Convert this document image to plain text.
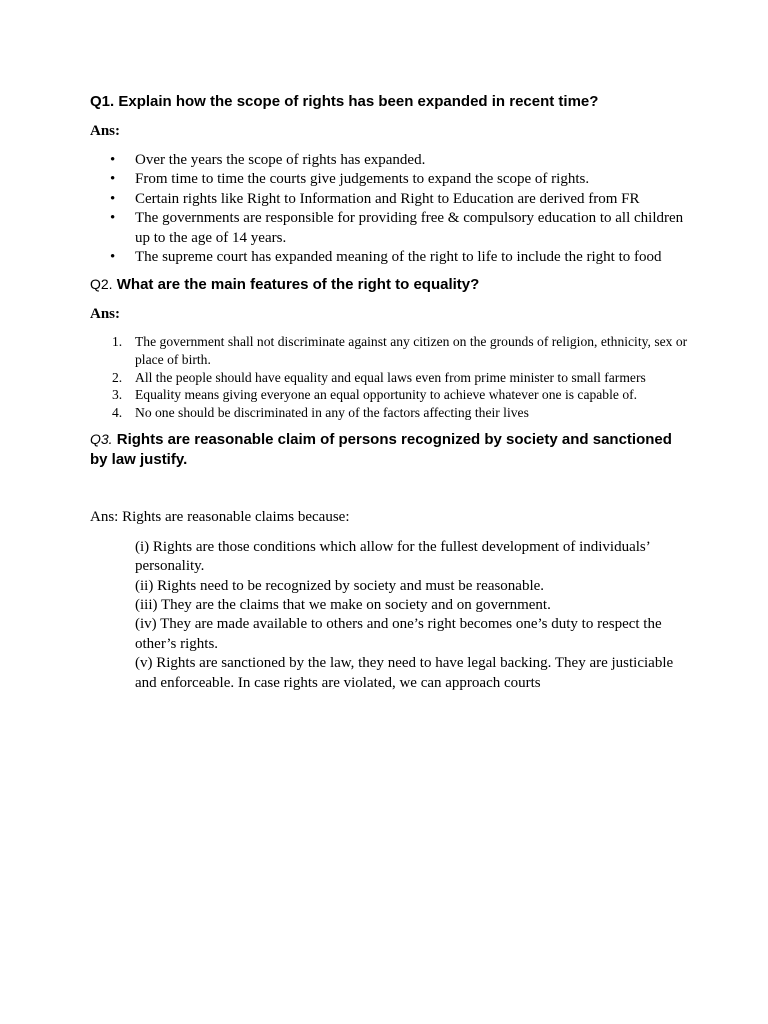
Q1. Explain how the scope of rights has been expanded in recent time?

Ans:

• Over the years the scope of rights has expanded.
• From time to time the courts give judgements to expand the scope of rights.
• Certain rights like Right to Information and Right to Education are derived from FR
• The governments are responsible for providing free & compulsory education to all children up to the age of 14 years.
• The supreme court has expanded meaning of the right to life to include the right to food

Q2. What are the main features of the right to equality?

Ans:

1. The government shall not discriminate against any citizen on the grounds of religion, ethnicity, sex or place of birth.
2. All the people should have equality and equal laws even from prime minister to small farmers
3. Equality means giving everyone an equal opportunity to achieve whatever one is capable of.
4. No one should be discriminated in any of the factors affecting their lives

Q3. Rights are reasonable claim of persons recognized by society and sanctioned by law justify.

Ans: Rights are reasonable claims because:

(i) Rights are those conditions which allow for the fullest development of individuals’ personality.

(ii) Rights need to be recognized by society and must be reasonable.

(iii) They are the claims that we make on society and on government.

(iv) They are made available to others and one’s right becomes one’s duty to respect the other’s rights.

(v) Rights are sanctioned by the law, they need to have legal backing. They are justiciable and enforceable. In case rights are violated, we can approach courts
